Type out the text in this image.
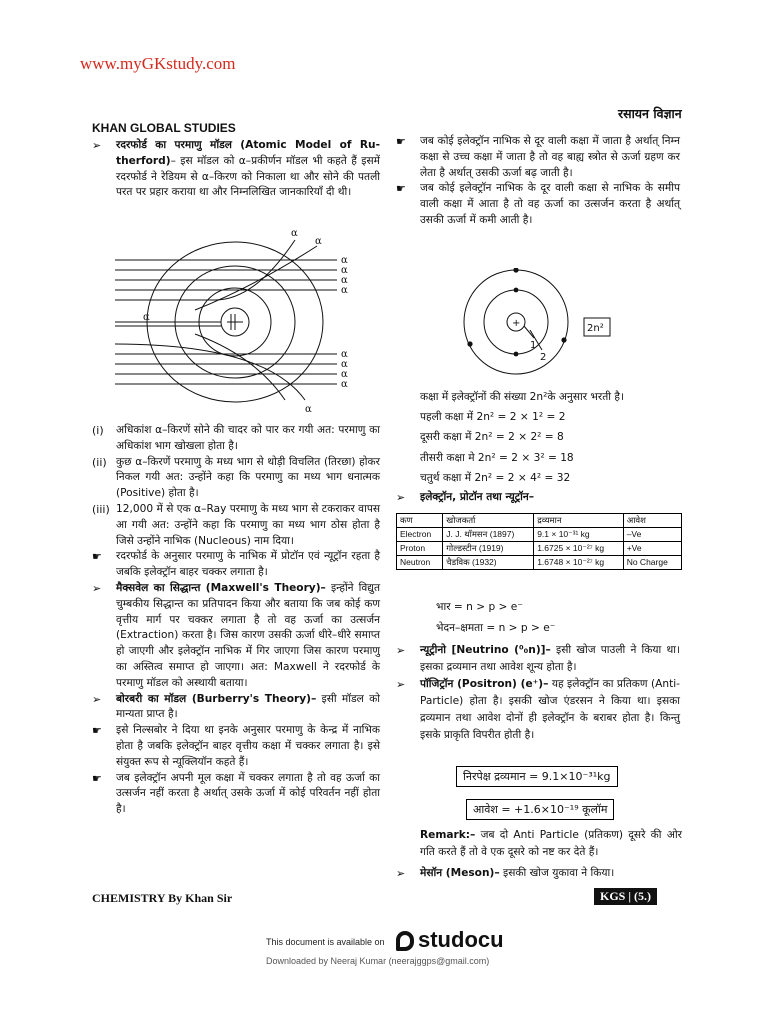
www.myGKstudy.com
KHAN GLOBAL STUDIES
रसायन विज्ञान

➢ रदरफोर्ड का परमाणु मॉडल (Atomic Model of Ru-therford)– इस मॉडल को α–प्रकीर्णन मॉडल भी कहते हैं इसमें रदरफोर्ड ने रेडियम से α–किरण को निकाला था और सोने की पतली परत पर प्रहार कराया था और निम्नलिखित जानकारियाँ दी थी।

α
α
α
α
α
α
α
α
α
α
α
α

(i) अधिकांश α–किरणें सोने की चादर को पार कर गयी अत: परमाणु का अधिकांश भाग खोखला होता है।

(ii) कुछ α–किरणें परमाणु के मध्य भाग से थोड़ी विचलित (तिरछा) होकर निकल गयी अत: उन्होंने कहा कि परमाणु का मध्य भाग धनात्मक (Positive) होता है।

(iii) 12,000 में से एक α–Ray परमाणु के मध्य भाग से टकराकर वापस आ गयी अत: उन्होंने कहा कि परमाणु का मध्य भाग ठोस होता है जिसे उन्होंने नाभिक (Nucleous) नाम दिया।

☛ रदरफोर्ड के अनुसार परमाणु के नाभिक में प्रोटॉन एवं न्यूट्रॉन रहता है जबकि इलेक्ट्रॉन बाहर चक्कर लगाता है।

➢ मैक्सवेल का सिद्धान्त (Maxwell's Theory)– इन्होंने विद्युत चुम्बकीय सिद्धान्त का प्रतिपादन किया और बताया कि जब कोई कण वृत्तीय मार्ग पर चक्कर लगाता है तो वह ऊर्जा का उत्सर्जन (Extraction) करता है। जिस कारण उसकी ऊर्जा धीरे–धीरे समाप्त हो जाएगी और इलेक्ट्रॉन नाभिक में गिर जाएगा जिस कारण परमाणु का अस्तित्व समाप्त हो जाएगा। अत: Maxwell ने रदरफोर्ड के परमाणु मॉडल को अस्थायी बताया।

➢ बोरबरी का मॉडल (Burberry's Theory)– इसी मॉडल को मान्यता प्राप्त है।

☛ इसे निल्सबोर ने दिया था इनके अनुसार परमाणु के केन्द्र में नाभिक होता है जबकि इलेक्ट्रॉन बाहर वृत्तीय कक्षा में चक्कर लगाता है। इसे संयुक्त रूप से न्यूक्लियॉन कहते हैं।

☛ जब इलेक्ट्रॉन अपनी मूल कक्षा में चक्कर लगाता है तो वह ऊर्जा का उत्सर्जन नहीं करता है अर्थात् उसके ऊर्जा में कोई परिवर्तन नहीं होता है।

☛ जब कोई इलेक्ट्रॉन नाभिक से दूर वाली कक्षा में जाता है अर्थात् निम्न कक्षा से उच्च कक्षा में जाता है तो वह बाह्य स्त्रोत से ऊर्जा ग्रहण कर लेता है अर्थात् उसकी ऊर्जा बढ़ जाती है।

☛ जब कोई इलेक्ट्रॉन नाभिक के दूर वाली कक्षा से नाभिक के समीप वाली कक्षा में आता है तो वह ऊर्जा का उत्सर्जन करता है अर्थात् उसकी ऊर्जा में कमी आती है।

+
1
2
2n²

कक्षा में इलेक्ट्रॉनों की संख्या 2n²के अनुसार भरती है।

पहली कक्षा में 2n² = 2 × 1² = 2

दूसरी कक्षा में 2n² = 2 × 2² = 8

तीसरी कक्षा मे 2n² = 2 × 3² = 18

चतुर्थ कक्षा में 2n² = 2 × 4² = 32

➢ इलेक्ट्रॉन, प्रोटॉन तथा न्यूट्रॉन–

कण	खोजकर्ता	द्रव्यमान	आवेश
Electron	J. J. थॉमसन (1897)	9.1 × 10⁻³¹ kg	–Ve
Proton	गोल्डस्टीन (1919)	1.6725 × 10⁻²⁷ kg	+Ve
Neutron	चैडविक (1932)	1.6748 × 10⁻²⁷ kg	No Charge

भार = n > p > e⁻

भेदन–क्षमता = n > p > e⁻

➢ न्यूट्रीनो [Neutrino (⁰₀n)]– इसी खोज पाउली ने किया था। इसका द्रव्यमान तथा आवेश शून्य होता है।

➢ पॉजिट्रॉन (Positron) (e⁺)– यह इलेक्ट्रॉन का प्रतिकण (Anti-Particle) होता है। इसकी खोज एंडरसन ने किया था। इसका द्रव्यमान तथा आवेश दोनों ही इलेक्ट्रॉन के बराबर होता है। किन्तु इसके प्राकृति विपरीत होती है।

निरपेक्ष द्रव्यमान = 9.1×10⁻³¹kg
आवेश = +1.6×10⁻¹⁹ कूलॉम

Remark:– जब दो Anti Particle (प्रतिकण) दूसरे की ओर गति करते हैं तो वे एक दूसरे को नष्ट कर देते हैं।

➢ मेसॉन (Meson)– इसकी खोज युकावा ने किया।

CHEMISTRY By Khan Sir	KGS | (5.)
This document is available on	studocu
Downloaded by Neeraj Kumar (neerajggps@gmail.com)
